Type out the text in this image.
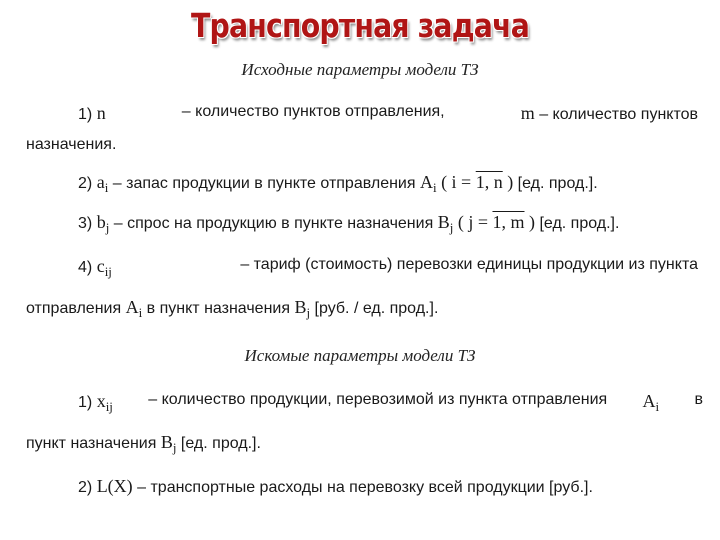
Транспортная задача
Исходные параметры модели ТЗ
1) n	– количество пунктов отправления,	m – количество пунктов
назначения.
2) $a_i$ – запас продукции в пункте отправления $A_i$ ( i = 1, n ) [ед. прод.].
3) $b_j$ – спрос на продукцию в пункте назначения $B_j$ ( j = 1, m ) [ед. прод.].
4) $c_{ij}$	– тариф (стоимость) перевозки единицы продукции из пункта
отправления $A_i$ в пункт назначения $B_j$ [руб. / ед. прод.].
Искомые параметры модели ТЗ
1) $x_{ij}$ – количество продукции, перевозимой из пункта отправления $A_i$ в
пункт назначения $B_j$ [ед. прод.].
2) L(X) – транспортные расходы на перевозку всей продукции [руб.].
